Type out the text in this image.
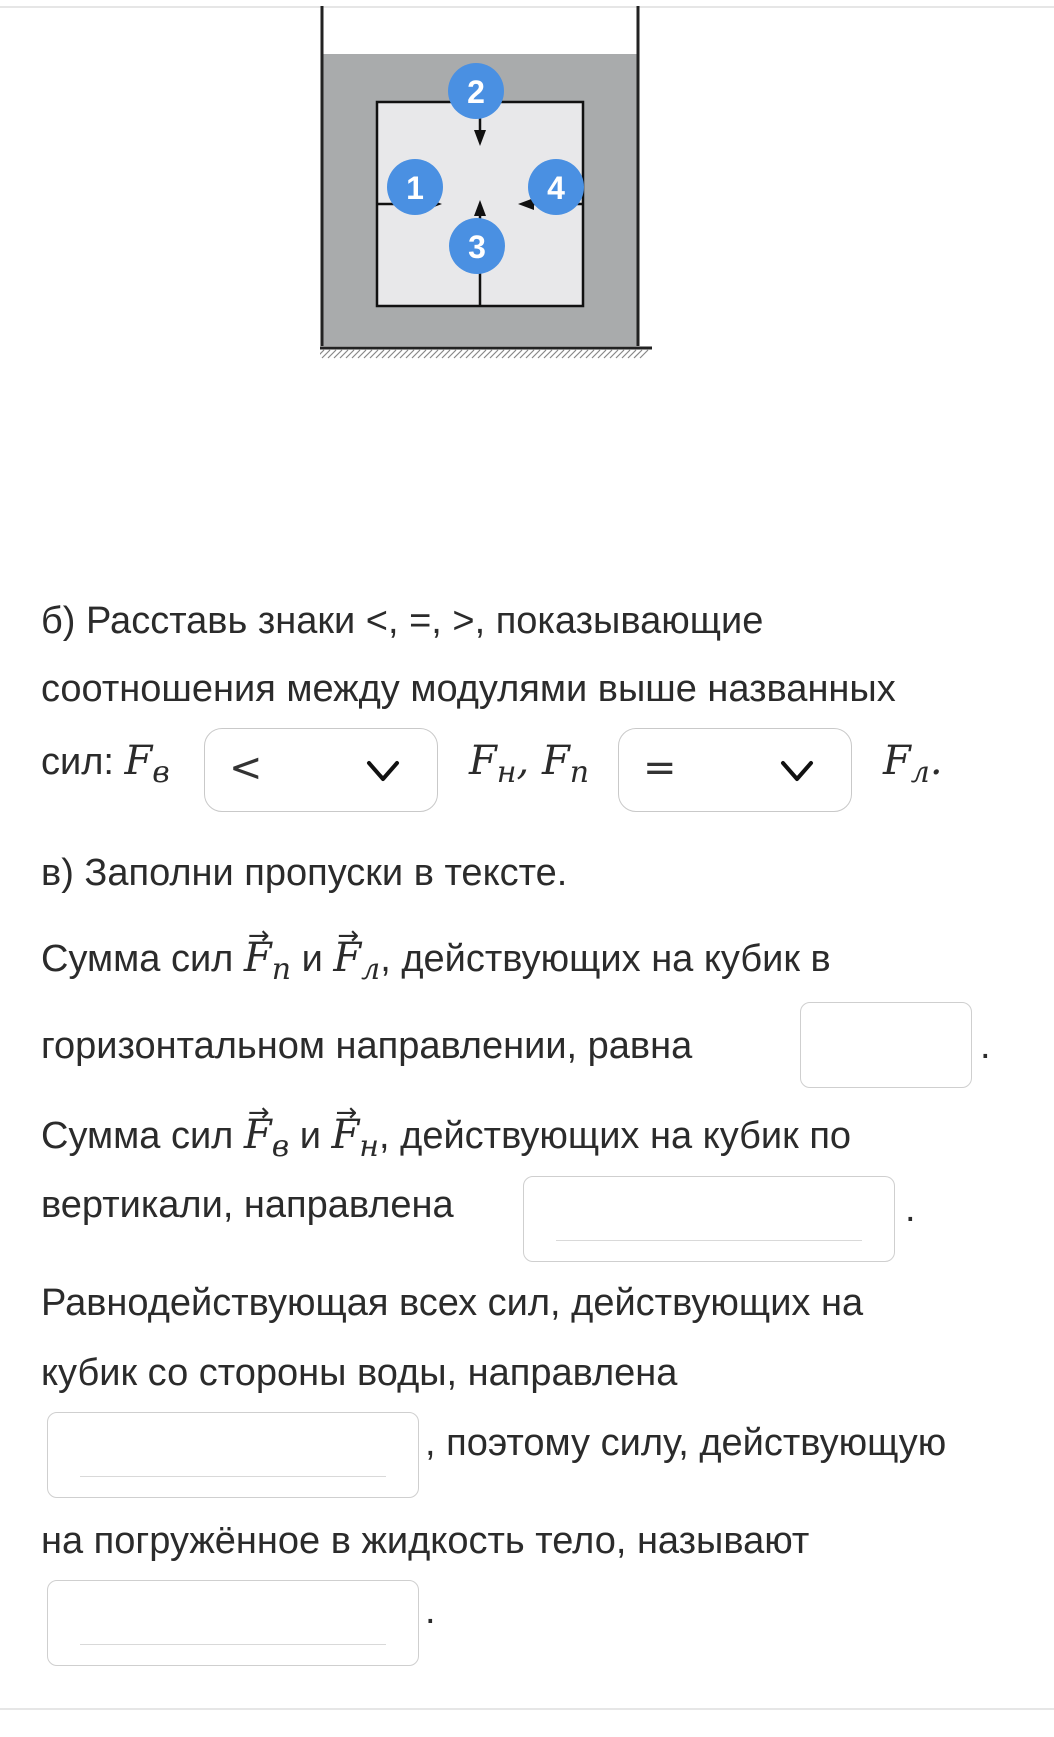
2
1	4
3
б) Расставь знаки <, =, >, показывающие
соотношения между модулями выше названных
сил: $F_в$ <	$F_н$, $F_п$ =	$F_л$.
в) Заполни пропуски в тексте.
Сумма сил → $F_п$ $и \to F_л$, действующих на кубик в
горизонтальном направлении, равна	.
Сумма сил → $F_в$ $и \to F_н$, действующих на кубик по
вертикали, направлена	.
Равнодействующая всех сил, действующих на
кубик со стороны воды, направлена
, поэтому силу, действующую
на погружённое в жидкость тело, называют
.
